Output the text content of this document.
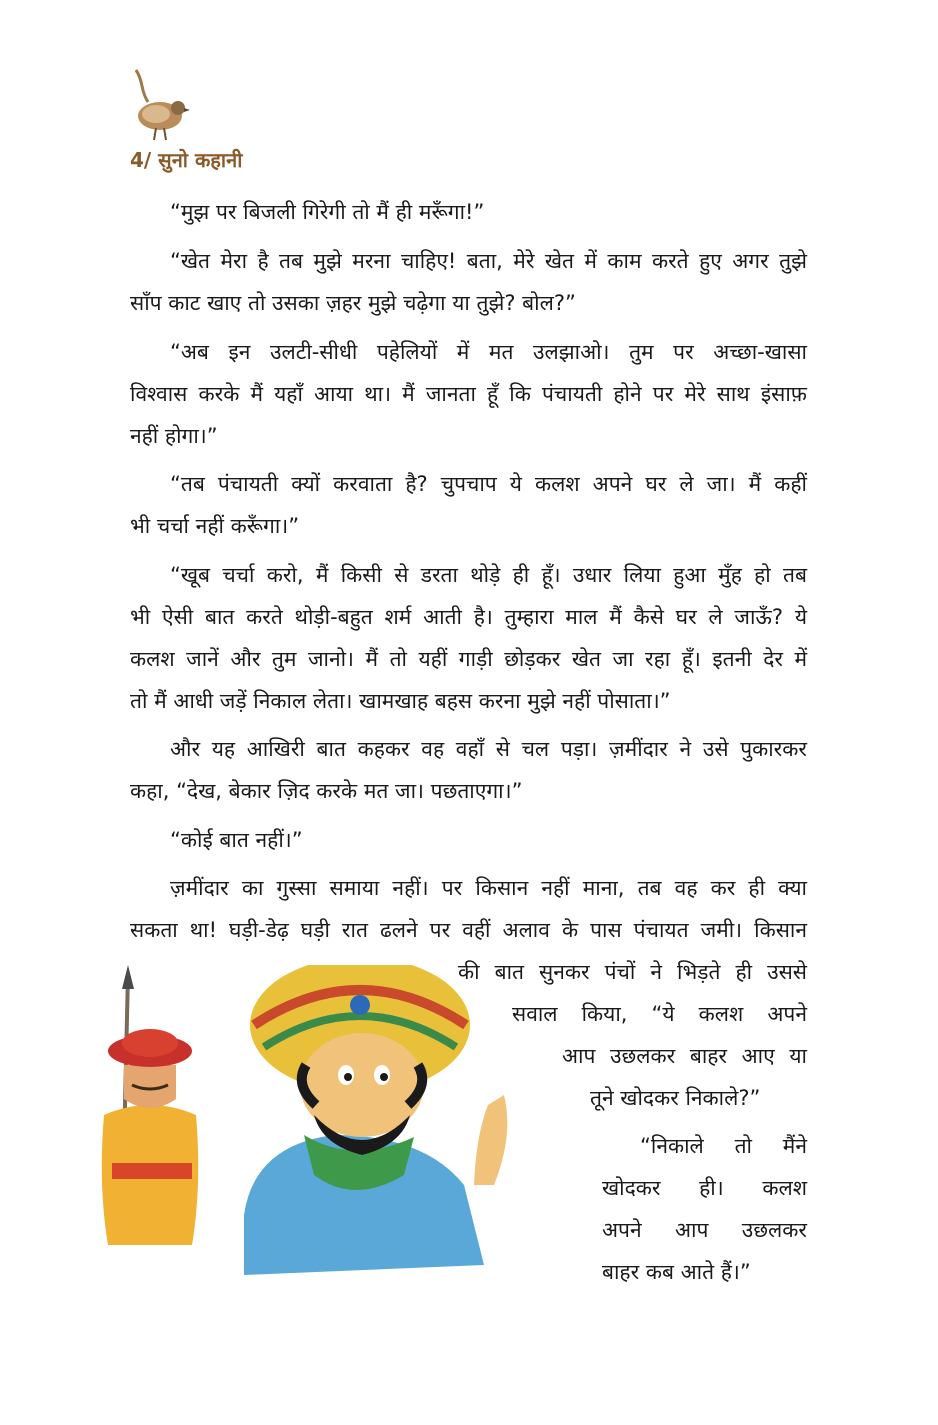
4/ सुनो कहानी
“मुझ पर बिजली गिरेगी तो मैं ही मरूँगा!”
“खेत मेरा है तब मुझे मरना चाहिए! बता, मेरे खेत में काम करते हुए अगर तुझे
साँप काट खाए तो उसका ज़हर मुझे चढ़ेगा या तुझे? बोल?”
“अब इन उलटी-सीधी पहेलियों में मत उलझाओ। तुम पर अच्छा-खासा
विश्वास करके मैं यहाँ आया था। मैं जानता हूँ कि पंचायती होने पर मेरे साथ इंसाफ़
नहीं होगा।”
“तब पंचायती क्यों करवाता है? चुपचाप ये कलश अपने घर ले जा। मैं कहीं
भी चर्चा नहीं करूँगा।”
“खूब चर्चा करो, मैं किसी से डरता थोड़े ही हूँ। उधार लिया हुआ मुँह हो तब
भी ऐसी बात करते थोड़ी-बहुत शर्म आती है। तुम्हारा माल मैं कैसे घर ले जाऊँ? ये
कलश जानें और तुम जानो। मैं तो यहीं गाड़ी छोड़कर खेत जा रहा हूँ। इतनी देर में
तो मैं आधी जड़ें निकाल लेता। खामखाह बहस करना मुझे नहीं पोसाता।”
और यह आखिरी बात कहकर वह वहाँ से चल पड़ा। ज़मींदार ने उसे पुकारकर
कहा, “देख, बेकार ज़िद करके मत जा। पछताएगा।”
“कोई बात नहीं।”
ज़मींदार का गुस्सा समाया नहीं। पर किसान नहीं माना, तब वह कर ही क्या
सकता था! घड़ी-डेढ़ घड़ी रात ढलने पर वहीं अलाव के पास पंचायत जमी। किसान
की बात सुनकर पंचों ने भिड़ते ही उससे
सवाल किया, “ये कलश अपने
आप उछलकर बाहर आए या
तूने खोदकर निकाले?”
“निकाले तो मैंने
खोदकर ही। कलश
अपने आप उछलकर
बाहर कब आते हैं।”
